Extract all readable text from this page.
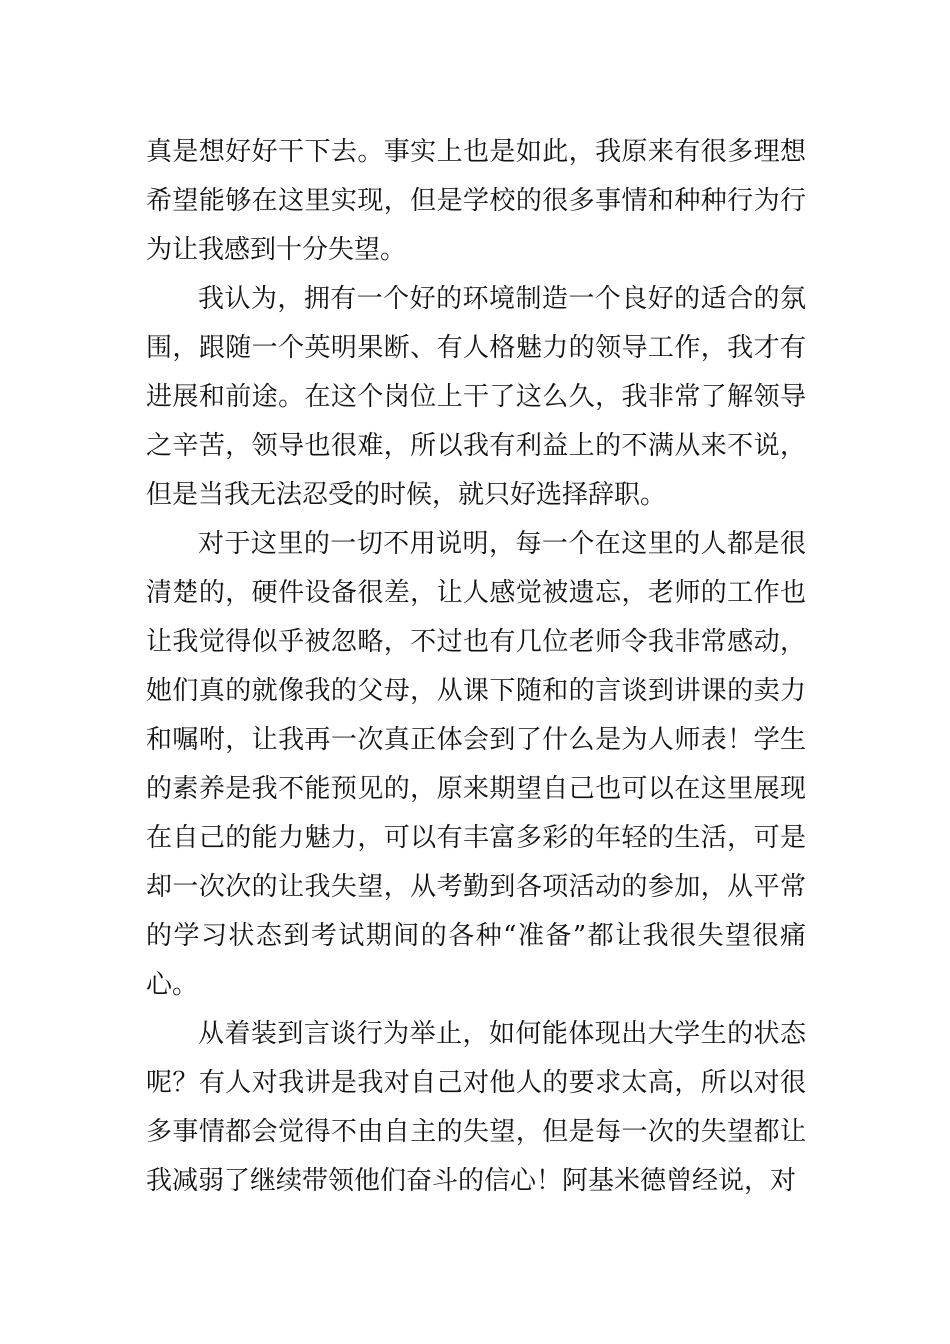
真是想好好干下去。事实上也是如此，我原来有很多理想
希望能够在这里实现，但是学校的很多事情和种种行为行
为让我感到十分失望。
我认为，拥有一个好的环境制造一个良好的适合的氛
围，跟随一个英明果断、有人格魅力的领导工作，我才有
进展和前途。在这个岗位上干了这么久，我非常了解领导
之辛苦，领导也很难，所以我有利益上的不满从来不说，
但是当我无法忍受的时候，就只好选择辞职。
对于这里的一切不用说明，每一个在这里的人都是很
清楚的，硬件设备很差，让人感觉被遗忘，老师的工作也
让我觉得似乎被忽略，不过也有几位老师令我非常感动，
她们真的就像我的父母，从课下随和的言谈到讲课的卖力
和嘱咐，让我再一次真正体会到了什么是为人师表！学生
的素养是我不能预见的，原来期望自己也可以在这里展现
在自己的能力魅力，可以有丰富多彩的年轻的生活，可是
却一次次的让我失望，从考勤到各项活动的参加，从平常
的学习状态到考试期间的各种“准备”都让我很失望很痛
心。
从着装到言谈行为举止，如何能体现出大学生的状态
呢？有人对我讲是我对自己对他人的要求太高，所以对很
多事情都会觉得不由自主的失望，但是每一次的失望都让
我减弱了继续带领他们奋斗的信心！阿基米德曾经说，对
